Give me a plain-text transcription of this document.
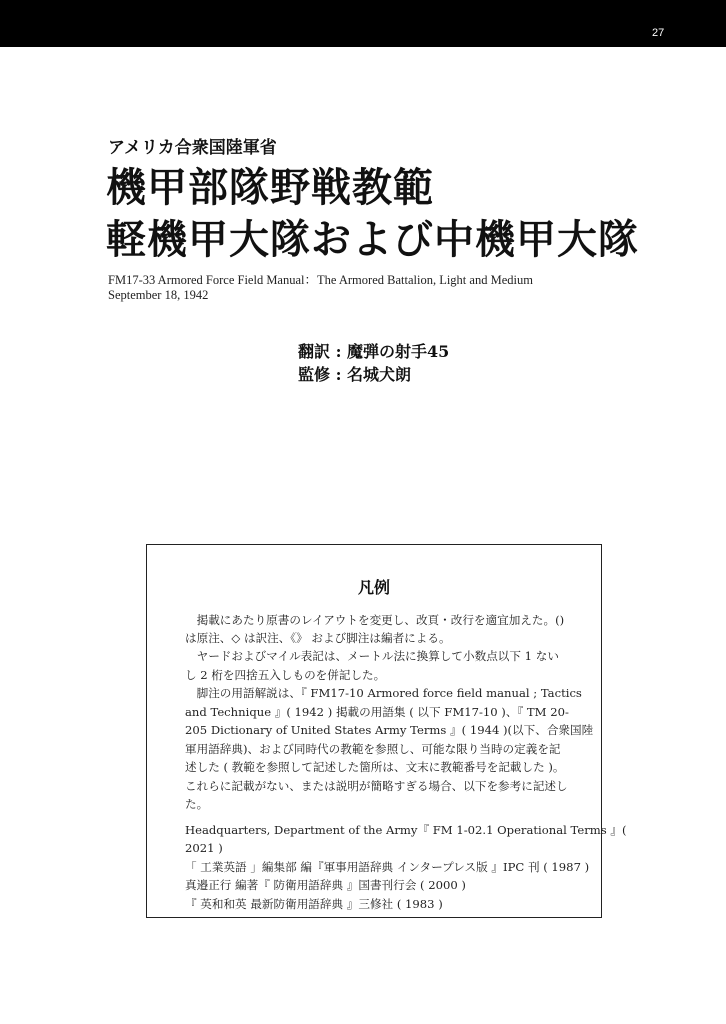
27
アメリカ合衆国陸軍省
機甲部隊野戦教範
軽機甲大隊および中機甲大隊
FM17-33 Armored Force Field Manual：The Armored Battalion, Light and Medium
September 18, 1942
翻訳 : 魔弾の射手45
監修 : 名城犬朗
凡例
　掲載にあたり原書のレイアウトを変更し、改頁・改行を適宜加えた。()
は原注、◇ は訳注、《》 および脚注は編者による。
　ヤードおよびマイル表記は、メートル法に換算して小数点以下 1 ない
し 2 桁を四捨五入しものを併記した。
　脚注の用語解説は、『 FM17-10 Armored force field manual ; Tactics
and Technique 』( 1942 ) 掲載の用語集 ( 以下 FM17-10 )、『 TM 20-
205 Dictionary of United States Army Terms 』( 1944 )(以下、合衆国陸
軍用語辞典)、および同時代の教範を参照し、可能な限り当時の定義を記
述した ( 教範を参照して記述した箇所は、文末に教範番号を記載した )。
これらに記載がない、または説明が簡略すぎる場合、以下を参考に記述し
た。
Headquarters, Department of the Army『 FM 1-02.1 Operational Terms 』(
2021 )
「 工業英語 」編集部 編『軍事用語辞典 インタープレス版 』IPC 刊 ( 1987 )
真邉正行 編著『 防衛用語辞典 』国書刊行会 ( 2000 )
『 英和和英 最新防衛用語辞典 』三修社 ( 1983 )
